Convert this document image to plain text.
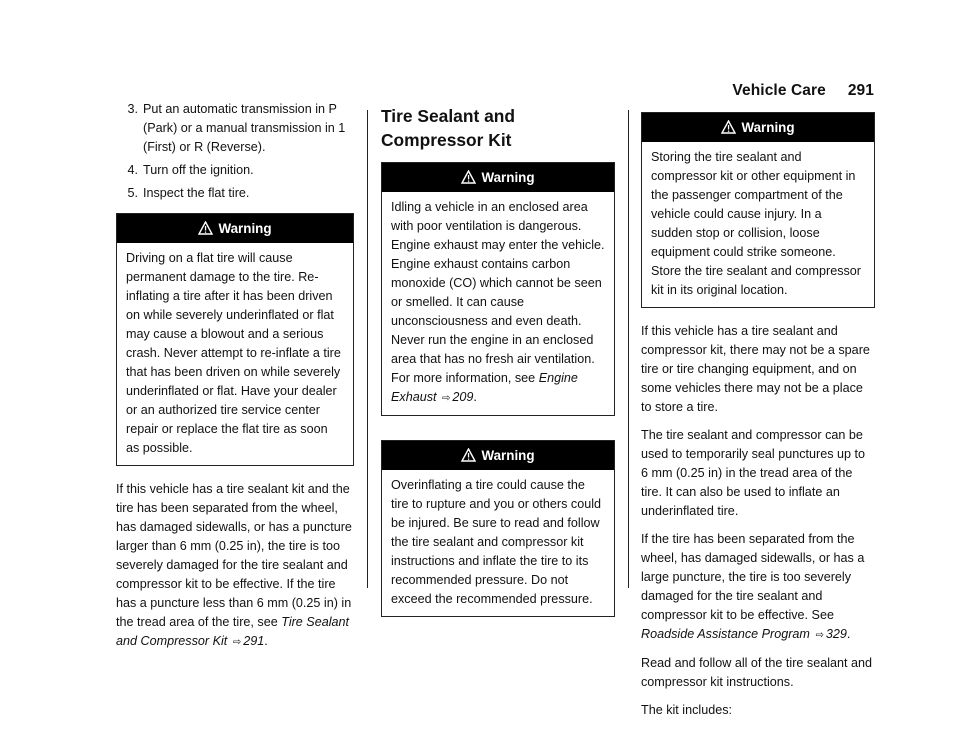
Vehicle Care 291
3. Put an automatic transmission in P (Park) or a manual transmission in 1 (First) or R (Reverse).
4. Turn off the ignition.
5. Inspect the flat tire.
Warning
Driving on a flat tire will cause permanent damage to the tire. Re-inflating a tire after it has been driven on while severely underinflated or flat may cause a blowout and a serious crash. Never attempt to re-inflate a tire that has been driven on while severely underinflated or flat. Have your dealer or an authorized tire service center repair or replace the flat tire as soon as possible.

If this vehicle has a tire sealant kit and the tire has been separated from the wheel, has damaged sidewalls, or has a puncture larger than 6 mm (0.25 in), the tire is too severely damaged for the tire sealant and compressor kit to be effective. If the tire has a puncture less than 6 mm (0.25 in) in the tread area of the tire, see Tire Sealant and Compressor Kit ⇨ 291.

Tire Sealant and Compressor Kit
Warning
Idling a vehicle in an enclosed area with poor ventilation is dangerous. Engine exhaust may enter the vehicle. Engine exhaust contains carbon monoxide (CO) which cannot be seen or smelled. It can cause unconsciousness and even death. Never run the engine in an enclosed area that has no fresh air ventilation. For more information, see Engine Exhaust ⇨ 209.
Warning
Overinflating a tire could cause the tire to rupture and you or others could be injured. Be sure to read and follow the tire sealant and compressor kit instructions and inflate the tire to its recommended pressure. Do not exceed the recommended pressure.
Warning
Storing the tire sealant and compressor kit or other equipment in the passenger compartment of the vehicle could cause injury. In a sudden stop or collision, loose equipment could strike someone. Store the tire sealant and compressor kit in its original location.

If this vehicle has a tire sealant and compressor kit, there may not be a spare tire or tire changing equipment, and on some vehicles there may not be a place to store a tire.

The tire sealant and compressor can be used to temporarily seal punctures up to 6 mm (0.25 in) in the tread area of the tire. It can also be used to inflate an underinflated tire.

If the tire has been separated from the wheel, has damaged sidewalls, or has a large puncture, the tire is too severely damaged for the tire sealant and compressor kit to be effective. See Roadside Assistance Program ⇨ 329.

Read and follow all of the tire sealant and compressor kit instructions.

The kit includes:
